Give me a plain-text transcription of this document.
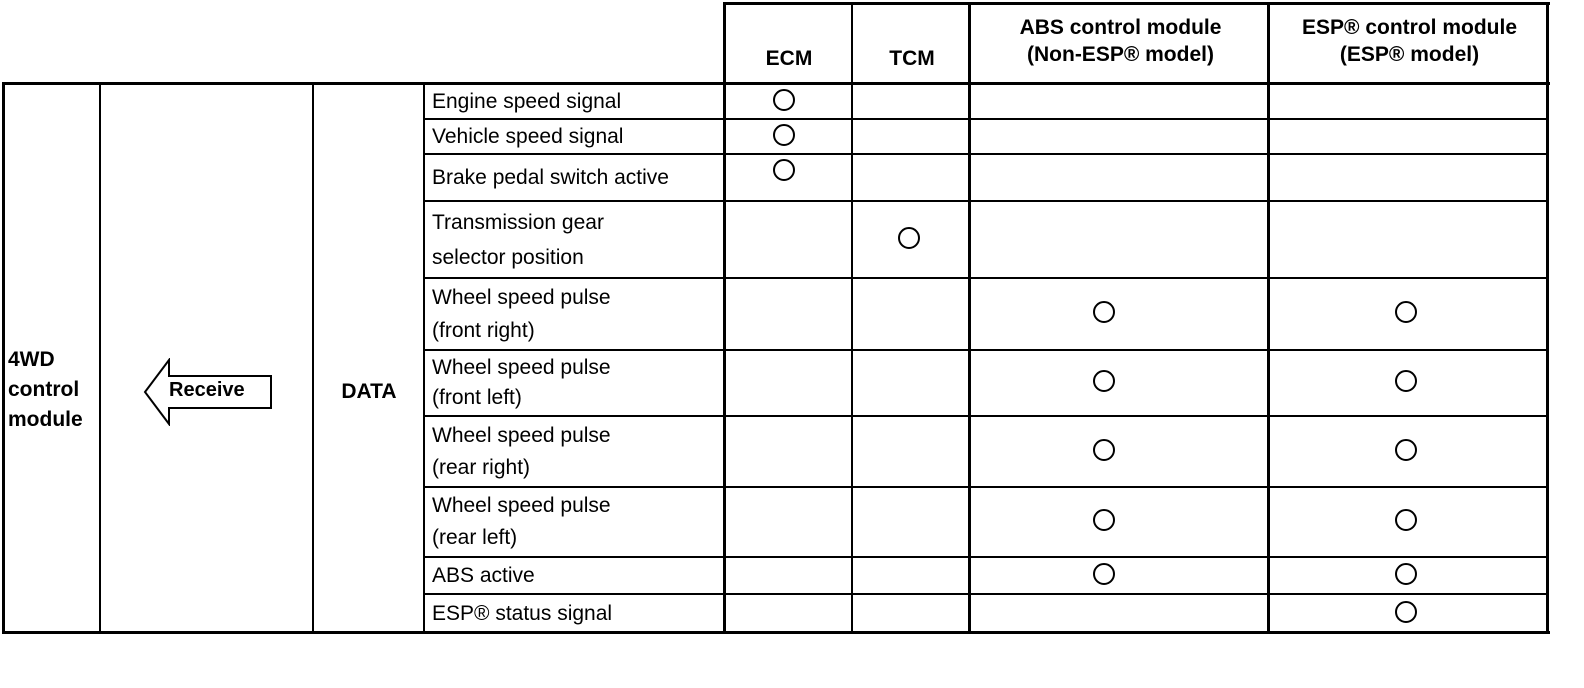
ECM	TCM
ABS control module
(Non-ESP® model)
ESP® control module
(ESP® model)
Engine speed signal
Vehicle speed signal
Brake pedal switch active
Transmission gear
selector position
Wheel speed pulse
(front right)
Wheel speed pulse
(front left)
Wheel speed pulse
(rear right)
Wheel speed pulse
(rear left)
ABS active
ESP® status signal
4WD
control
module
Receive	DATA
